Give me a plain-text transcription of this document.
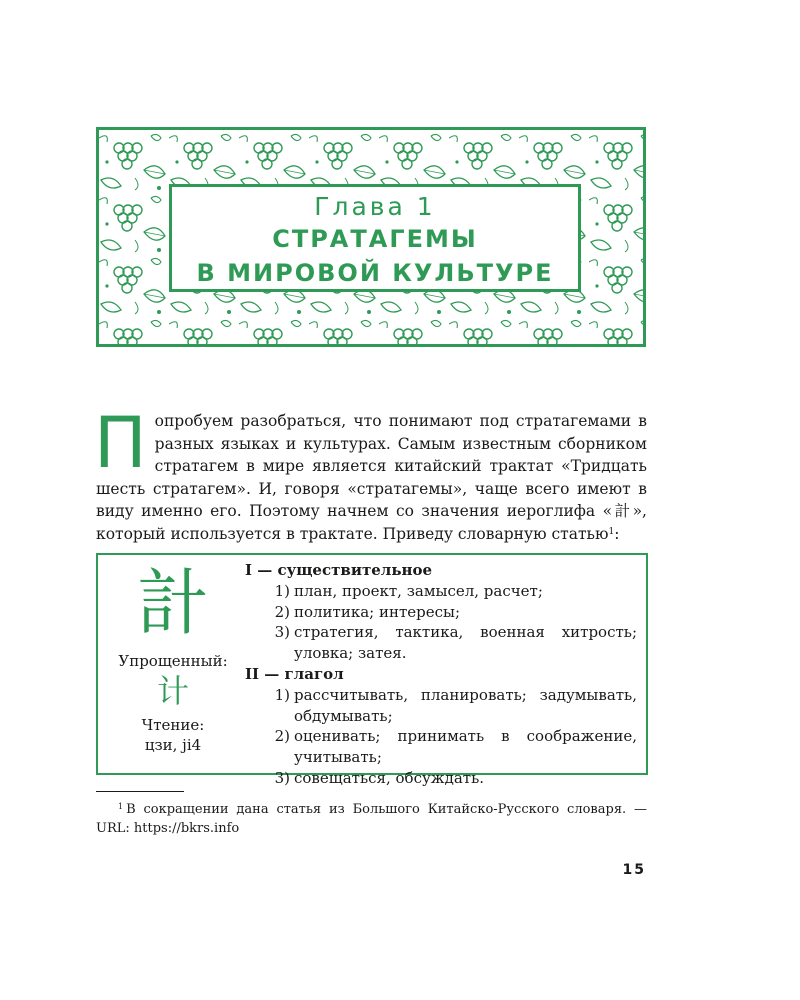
Глава 1
СТРАТАГЕМЫ
В МИРОВОЙ КУЛЬТУРЕ

Попробуем разобраться, что понимают под стратагемами в разных языках и культурах. Самым известным сборником стратагем в мире является китайский трактат «Тридцать шесть стратагем». И, говоря «стратагемы», чаще всего имеют в виду именно его. Поэтому начнем со значения иероглифа «計», который используется в трактате. Приведу словарную статью$^1$:

計
Упрощенный:
计
Чтение:
цзи, ji4
I — существительное
1) план, проект, замысел, расчет;
2) политика; интересы;
3) стратегия, тактика, военная хитрость; уловка; затея.
II — глагол
1) рассчитывать, планировать; задумывать, обдумывать;
2) оценивать; принимать в соображение, учитывать;
3) совещаться, обсуждать.
$^1$ В сокращении дана статья из Большого Китайско-Русского словаря. — URL: https://bkrs.info
15
